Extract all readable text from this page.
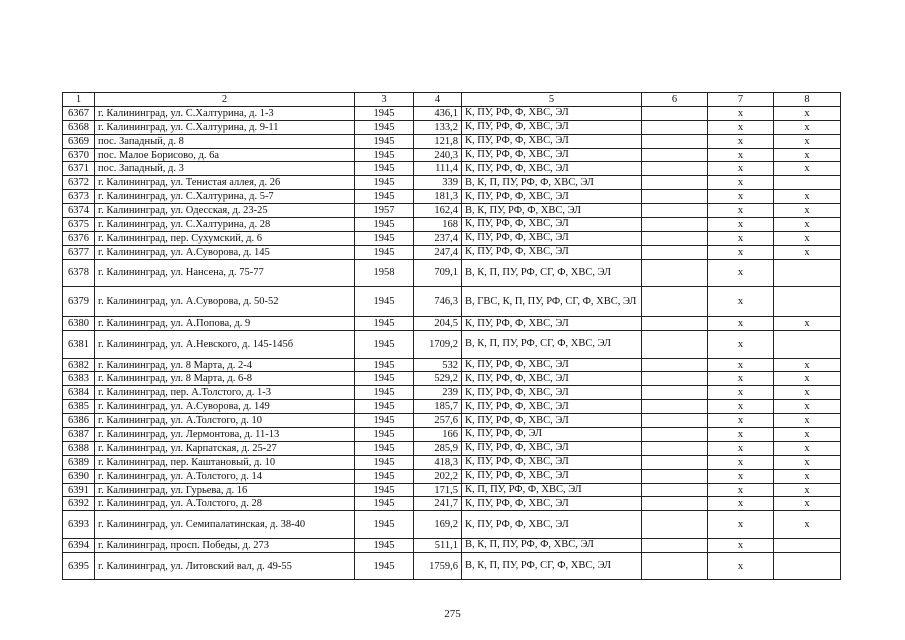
1	2	3	4	5	6	7	8
6367	г. Калининград, ул. С.Халтурина, д. 1-3	1945	436,1	К, ПУ, РФ, Ф, ХВС, ЭЛ		x	x
6368	г. Калининград, ул. С.Халтурина, д. 9-11	1945	133,2	К, ПУ, РФ, Ф, ХВС, ЭЛ		x	x
6369	пос. Западный, д. 8	1945	121,8	К, ПУ, РФ, Ф, ХВС, ЭЛ		x	x
6370	пос. Малое Борисово, д. 6а	1945	240,3	К, ПУ, РФ, Ф, ХВС, ЭЛ		x	x
6371	пос. Западный, д. 3	1945	111,4	К, ПУ, РФ, Ф, ХВС, ЭЛ		x	x
6372	г. Калининград, ул. Тенистая аллея, д. 26	1945	339	В, К, П, ПУ, РФ, Ф, ХВС, ЭЛ		x	
6373	г. Калининград, ул. С.Халтурина, д. 5-7	1945	181,3	К, ПУ, РФ, Ф, ХВС, ЭЛ		x	x
6374	г. Калининград, ул. Одесская, д. 23-25	1957	162,4	В, К, ПУ, РФ, Ф, ХВС, ЭЛ		x	x
6375	г. Калининград, ул. С.Халтурина, д. 28	1945	168	К, ПУ, РФ, Ф, ХВС, ЭЛ		x	x
6376	г. Калининград, пер. Сухумский, д. 6	1945	237,4	К, ПУ, РФ, Ф, ХВС, ЭЛ		x	x
6377	г. Калининград, ул. А.Суворова, д. 145	1945	247,4	К, ПУ, РФ, Ф, ХВС, ЭЛ		x	x
6378	г. Калининград, ул. Нансена, д. 75-77	1958	709,1	В, К, П, ПУ, РФ, СГ, Ф, ХВС, ЭЛ		x	
6379	г. Калининград, ул. А.Суворова, д. 50-52	1945	746,3	В, ГВС, К, П, ПУ, РФ, СГ, Ф, ХВС, ЭЛ		x	
6380	г. Калининград, ул. А.Попова, д. 9	1945	204,5	К, ПУ, РФ, Ф, ХВС, ЭЛ		x	x
6381	г. Калининград, ул. А.Невского, д. 145-145б	1945	1709,2	В, К, П, ПУ, РФ, СГ, Ф, ХВС, ЭЛ		x	
6382	г. Калининград, ул. 8 Марта, д. 2-4	1945	532	К, ПУ, РФ, Ф, ХВС, ЭЛ		x	x
6383	г. Калининград, ул. 8 Марта, д. 6-8	1945	529,2	К, ПУ, РФ, Ф, ХВС, ЭЛ		x	x
6384	г. Калининград, пер. А.Толстого, д. 1-3	1945	239	К, ПУ, РФ, Ф, ХВС, ЭЛ		x	x
6385	г. Калининград, ул. А.Суворова, д. 149	1945	185,7	К, ПУ, РФ, Ф, ХВС, ЭЛ		x	x
6386	г. Калининград, ул. А.Толстого, д. 10	1945	257,6	К, ПУ, РФ, Ф, ХВС, ЭЛ		x	x
6387	г. Калининград, ул. Лермонтова, д. 11-13	1945	166	К, ПУ, РФ, Ф, ЭЛ		x	x
6388	г. Калининград, ул. Карпатская, д. 25-27	1945	285,9	К, ПУ, РФ, Ф, ХВС, ЭЛ		x	x
6389	г. Калининград, пер. Каштановый, д. 10	1945	418,3	К, ПУ, РФ, Ф, ХВС, ЭЛ		x	x
6390	г. Калининград, ул. А.Толстого, д. 14	1945	202,2	К, ПУ, РФ, Ф, ХВС, ЭЛ		x	x
6391	г. Калининград, ул. Гурьева, д. 16	1945	171,5	К, П, ПУ, РФ, Ф, ХВС, ЭЛ		x	x
6392	г. Калининград, ул. А.Толстого, д. 28	1945	241,7	К, ПУ, РФ, Ф, ХВС, ЭЛ		x	x
6393	г. Калининград, ул. Семипалатинская, д. 38-40	1945	169,2	К, ПУ, РФ, Ф, ХВС, ЭЛ		x	x
6394	г. Калининград, просп. Победы, д. 273	1945	511,1	В, К, П, ПУ, РФ, Ф, ХВС, ЭЛ		x	
6395	г. Калининград, ул. Литовский вал, д. 49-55	1945	1759,6	В, К, П, ПУ, РФ, СГ, Ф, ХВС, ЭЛ		x	
275
